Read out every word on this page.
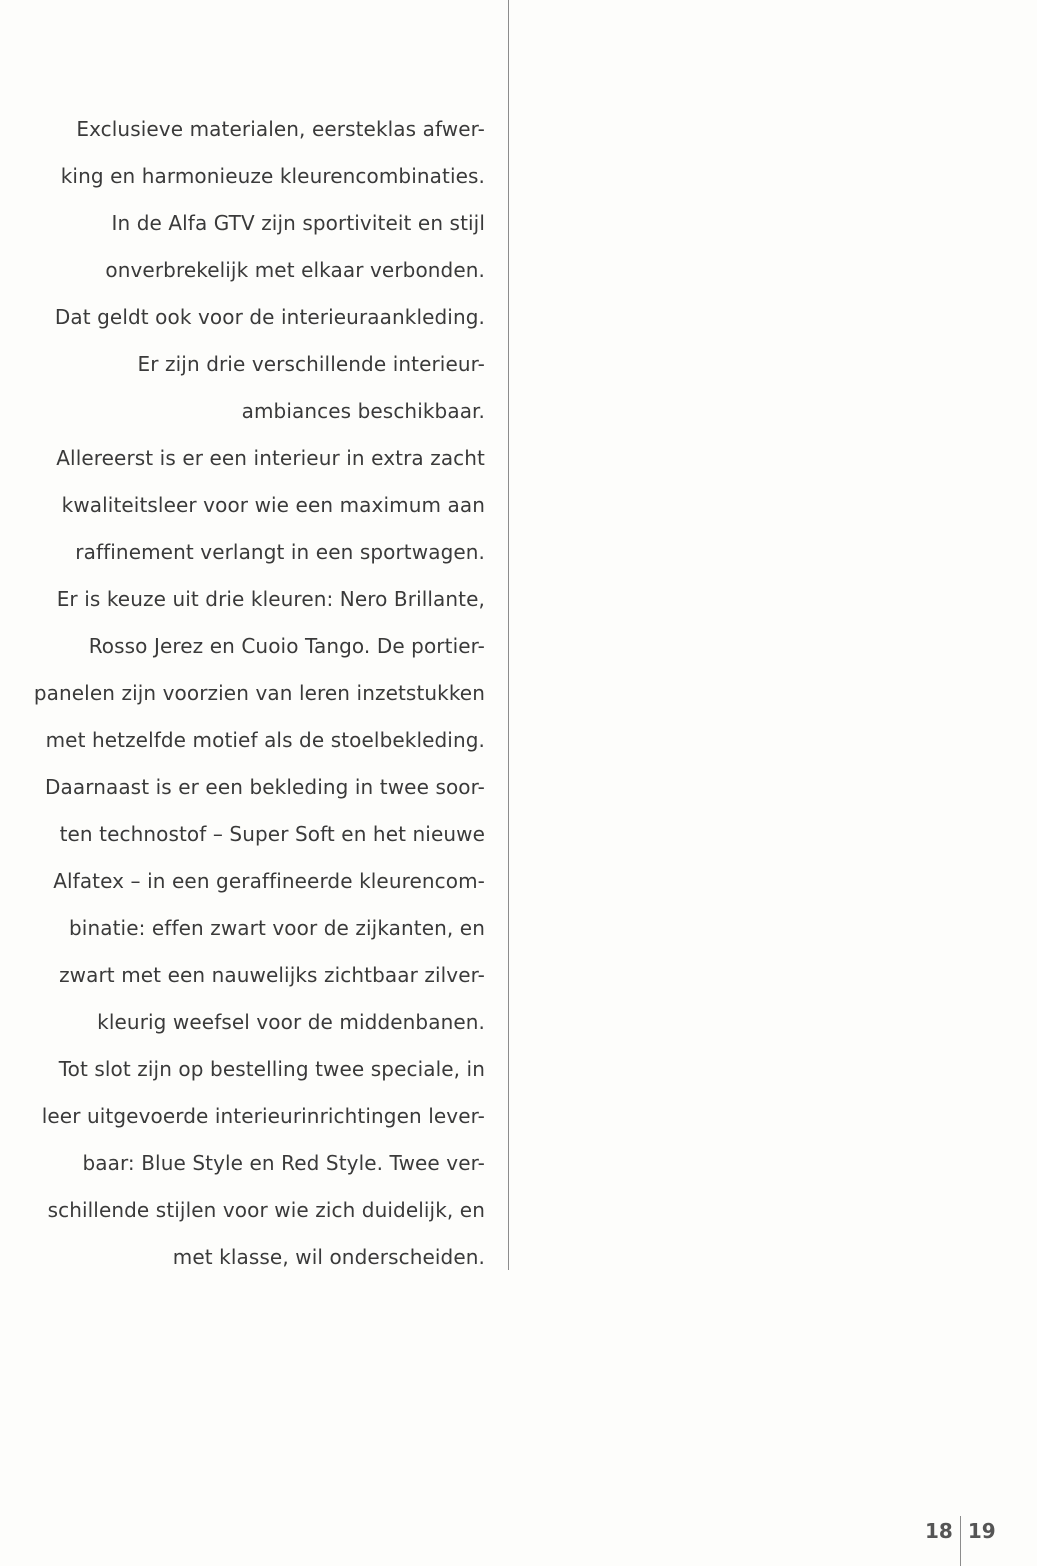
Exclusieve materialen, eersteklas afwer-
king en harmonieuze kleurencombinaties.
In de Alfa GTV zijn sportiviteit en stijl
onverbrekelijk met elkaar verbonden.
Dat geldt ook voor de interieuraankleding.
Er zijn drie verschillende interieur-
ambiances beschikbaar.
Allereerst is er een interieur in extra zacht
kwaliteitsleer voor wie een maximum aan
raffinement verlangt in een sportwagen.
Er is keuze uit drie kleuren: Nero Brillante,
Rosso Jerez en Cuoio Tango. De portier-
panelen zijn voorzien van leren inzetstukken
met hetzelfde motief als de stoelbekleding.
Daarnaast is er een bekleding in twee soor-
ten technostof – Super Soft en het nieuwe
Alfatex – in een geraffineerde kleurencom-
binatie: effen zwart voor de zijkanten, en
zwart met een nauwelijks zichtbaar zilver-
kleurig weefsel voor de middenbanen.
Tot slot zijn op bestelling twee speciale, in
leer uitgevoerde interieurinrichtingen lever-
baar: Blue Style en Red Style. Twee ver-
schillende stijlen voor wie zich duidelijk, en
met klasse, wil onderscheiden.
18 19
